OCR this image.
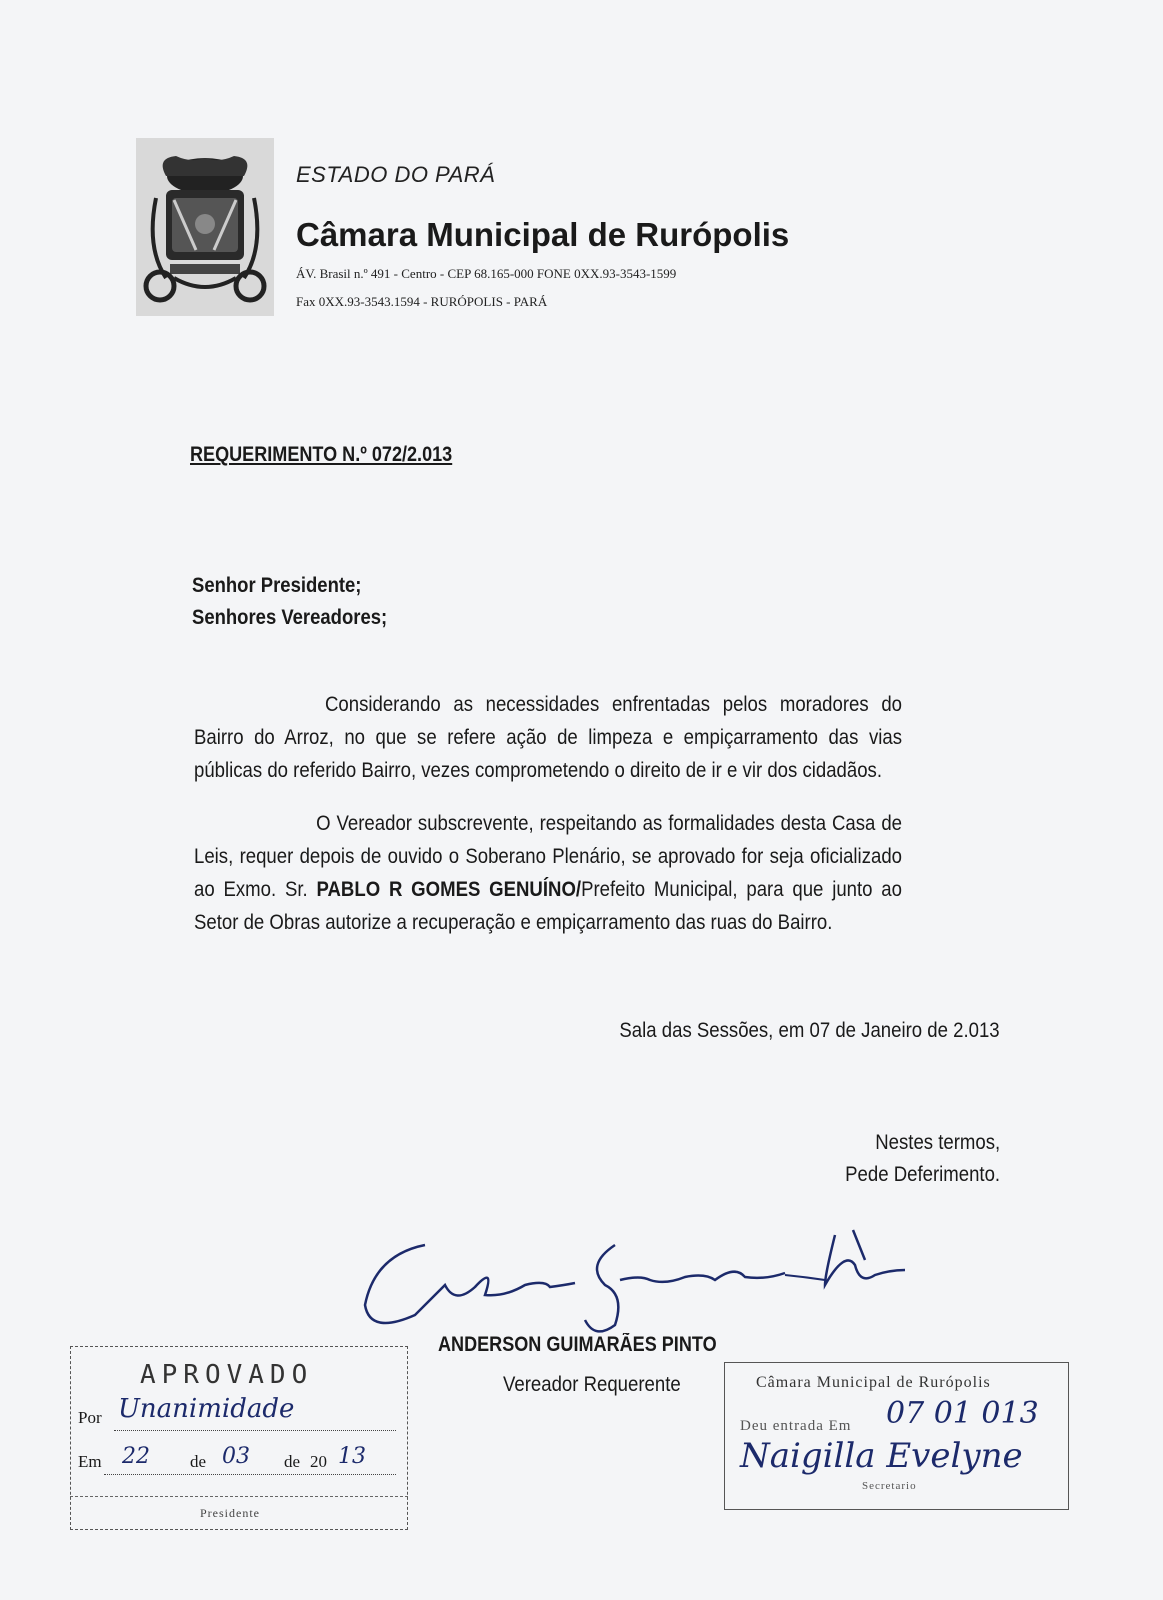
ESTADO DO PARÁ
Câmara Municipal de Rurópolis
ÁV. Brasil n.º 491 - Centro - CEP 68.165-000 FONE 0XX.93-3543-1599
Fax 0XX.93-3543.1594 - RURÓPOLIS - PARÁ
REQUERIMENTO N.º 072/2.013
Senhor Presidente;
Senhores Vereadores;
Considerando as necessidades enfrentadas pelos moradores do Bairro do Arroz, no que se refere ação de limpeza e empiçarramento das vias públicas do referido Bairro, vezes comprometendo o direito de ir e vir dos cidadãos.
O Vereador subscrevente, respeitando as formalidades desta Casa de Leis, requer depois de ouvido o Soberano Plenário, se aprovado for seja oficializado ao Exmo. Sr. PABLO R GOMES GENUÍNO/Prefeito Municipal, para que junto ao Setor de Obras autorize a recuperação e empiçarramento das ruas do Bairro.
Sala das Sessões, em 07 de Janeiro de 2.013
Nestes termos,
Pede Deferimento.
ANDERSON GUIMARÃES PINTO
Vereador Requerente
APROVADO
Por Unanimidade
Em 22 de 03 de 20 13
Presidente
Câmara Municipal de Rurópolis
Deu entrada Em 07 01 013
Naigilla Evelyne
Secretario
